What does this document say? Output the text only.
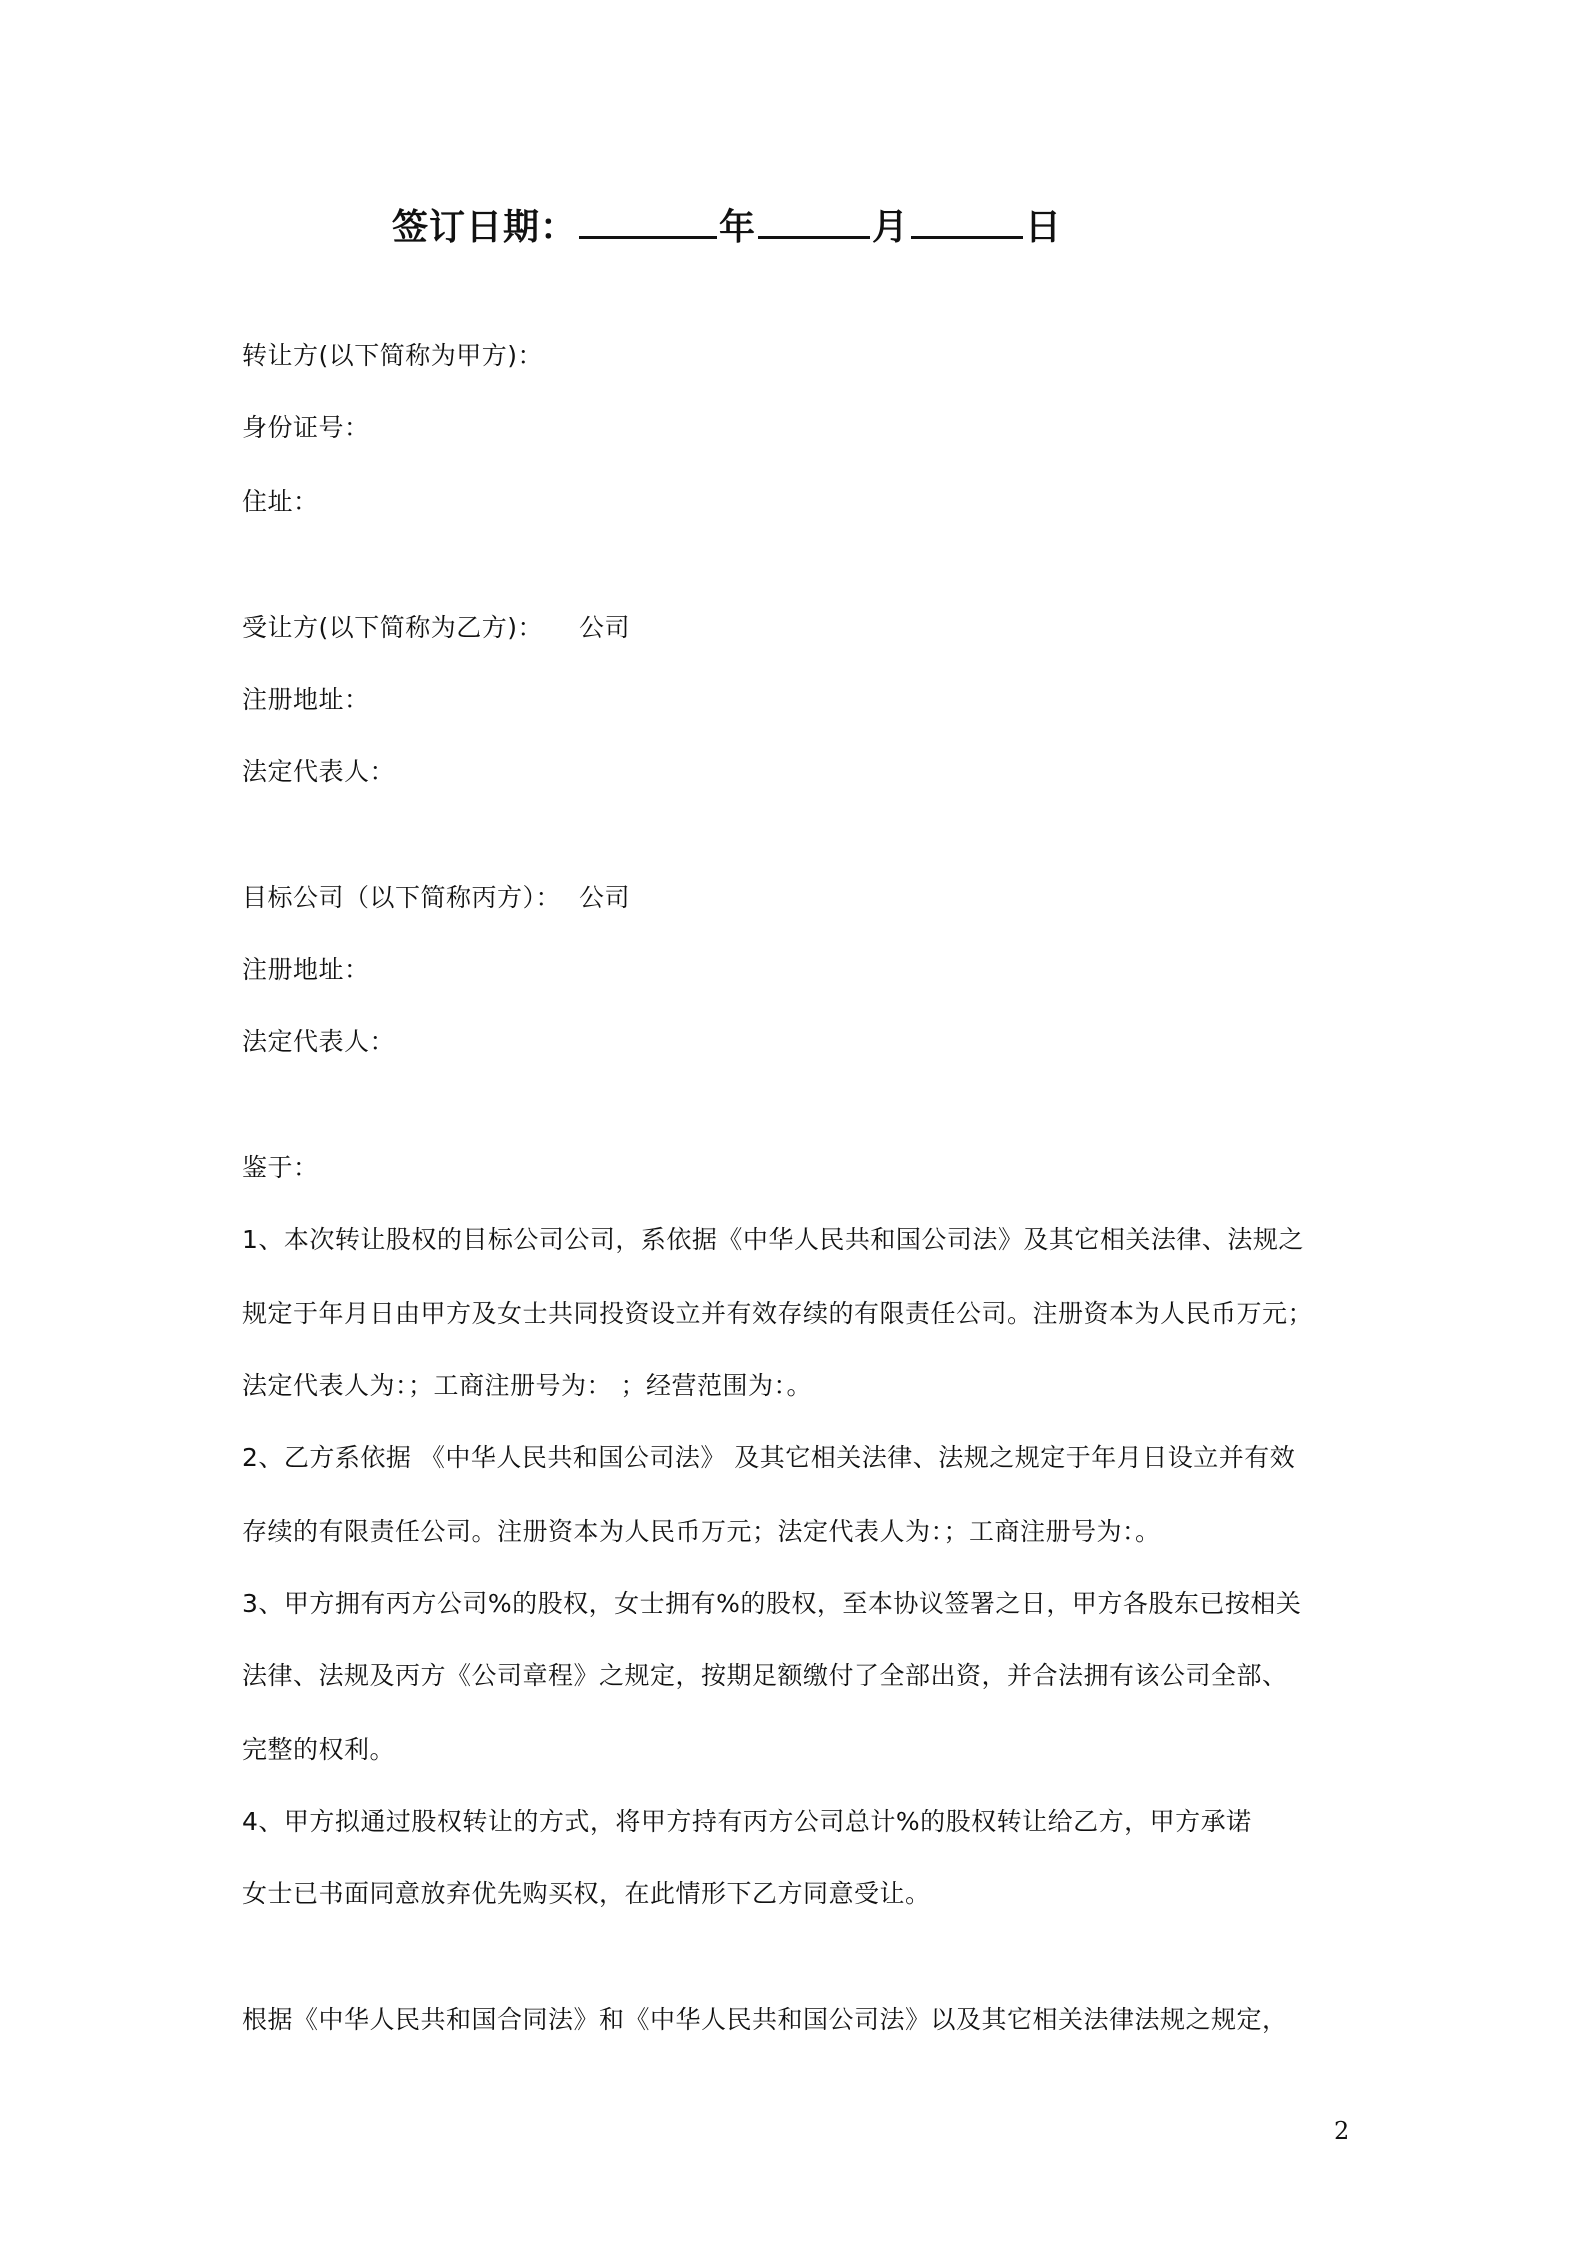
签订日期：	年	月	日
转让方(以下简称为甲方)：
身份证号：
住址：
受让方(以下简称为乙方)： 公司
注册地址：
法定代表人：
目标公司（以下简称丙方）： 公司
注册地址：
法定代表人：
鉴于：
1、本次转让股权的目标公司公司，系依据《中华人民共和国公司法》及其它相关法律、法规之
规定于年月日由甲方及女士共同投资设立并有效存续的有限责任公司。注册资本为人民币万元；
法定代表人为：；工商注册号为： ；经营范围为：。
2、乙方系依据 《中华人民共和国公司法》 及其它相关法律、法规之规定于年月日设立并有效
存续的有限责任公司。注册资本为人民币万元；法定代表人为：；工商注册号为：。
3、甲方拥有丙方公司%的股权，女士拥有%的股权，至本协议签署之日，甲方各股东已按相关
法律、法规及丙方《公司章程》之规定，按期足额缴付了全部出资，并合法拥有该公司全部、
完整的权利。
4、甲方拟通过股权转让的方式，将甲方持有丙方公司总计%的股权转让给乙方，甲方承诺
女士已书面同意放弃优先购买权，在此情形下乙方同意受让。
根据《中华人民共和国合同法》和《中华人民共和国公司法》以及其它相关法律法规之规定，
2
